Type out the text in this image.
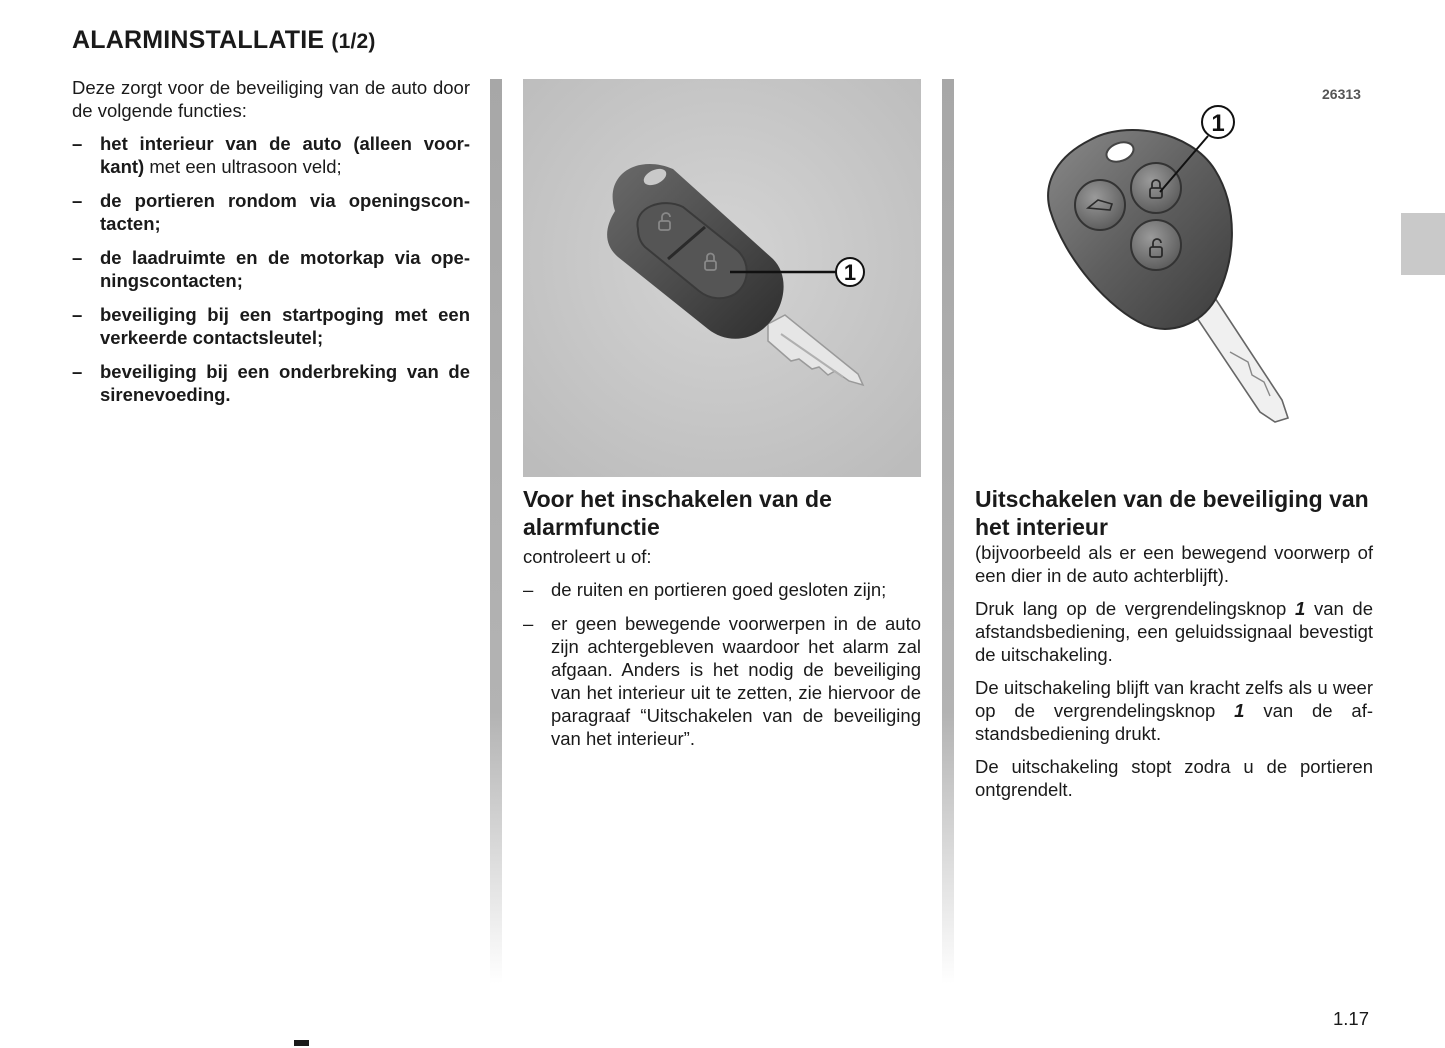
ALARMINSTALLATIE (1/2)

Deze zorgt voor de beveiliging van de auto door de volgende functies:

– het interieur van de auto (alleen voor-kant) met een ultrasoon veld;
– de portieren rondom via openingscon-tacten;
– de laadruimte en de motorkap via ope-ningscontacten;
– beveiliging bij een startpoging met een verkeerde contactsleutel;
– beveiliging bij een onderbreking van de sirenevoeding.
1
Voor het inschakelen van de alarmfunctie

controleert u of:

– de ruiten en portieren goed gesloten zijn;
– er geen bewegende voorwerpen in de auto zijn achtergebleven waardoor het alarm zal afgaan. Anders is het nodig de beveiliging van het interieur uit te zetten, zie hiervoor de paragraaf “Uitschakelen van de beveiliging van het interieur”.
26313
1
Uitschakelen van de beveiliging van het interieur

(bijvoorbeeld als er een bewegend voorwerp of een dier in de auto achterblijft).

Druk lang op de vergrendelingsknop 1 van de afstandsbediening, een geluidssignaal bevestigt de uitschakeling.

De uitschakeling blijft van kracht zelfs als u weer op de vergrendelingsknop 1 van de af-standsbediening drukt.

De uitschakeling stopt zodra u de portieren ontgrendelt.

1.17
